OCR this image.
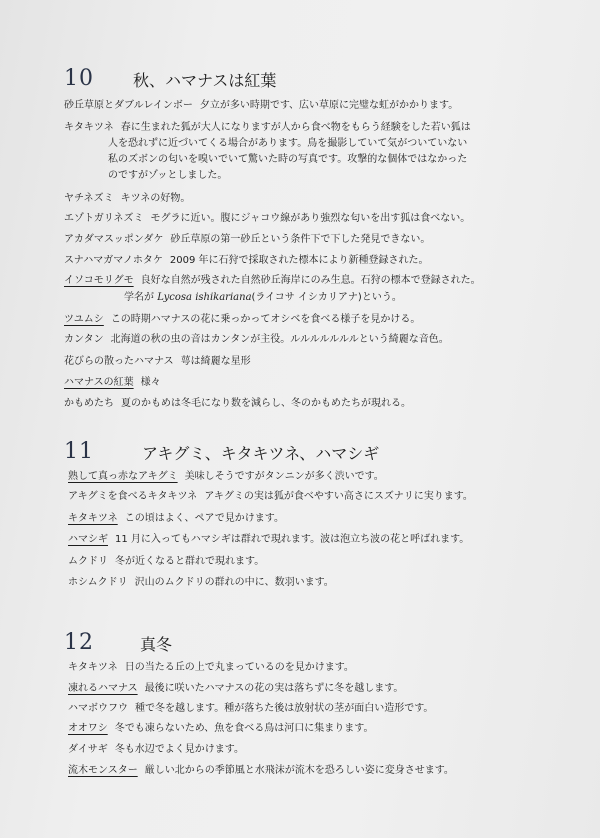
10 秋、ハマナスは紅葉
砂丘草原とダブルレインボー 夕立が多い時期です、広い草原に完璧な虹がかかります。
キタキツネ 春に生まれた狐が大人になりますが人から食べ物をもらう経験をした若い狐は
人を恐れずに近づいてくる場合があります。鳥を撮影していて気がついていない
私のズボンの匂いを嗅いでいて驚いた時の写真です。攻撃的な個体ではなかった
のですがゾッとしました。
ヤチネズミ キツネの好物。
エゾトガリネズミ モグラに近い。腹にジャコウ線があり強烈な匂いを出す狐は食べない。
アカダマスッポンダケ 砂丘草原の第一砂丘という条件下で下した発見できない。
スナハマガマノホタケ 2009 年に石狩で採取された標本により新種登録された。
イソコモリグモ 良好な自然が残された自然砂丘海岸にのみ生息。石狩の標本で登録された。
学名が Lycosa ishikariana(ライコサ イシカリアナ)という。
ツユムシ この時期ハマナスの花に乗っかってオシベを食べる様子を見かける。
カンタン 北海道の秋の虫の音はカンタンが主役。ルルルルルルルという綺麗な音色。
花びらの散ったハマナス 萼は綺麗な星形
ハマナスの紅葉 様々
かもめたち 夏のかもめは冬毛になり数を減らし、冬のかもめたちが現れる。
11	アキグミ、キタキツネ、ハマシギ
熟して真っ赤なアキグミ 美味しそうですがタンニンが多く渋いです。
アキグミを食べるキタキツネ アキグミの実は狐が食べやすい高さにスズナリに実ります。
キタキツネ この頃はよく、ペアで見かけます。
ハマシギ 11 月に入ってもハマシギは群れで現れます。波は泡立ち波の花と呼ばれます。
ムクドリ 冬が近くなると群れで現れます。
ホシムクドリ 沢山のムクドリの群れの中に、数羽います。
12	真冬
キタキツネ 日の当たる丘の上で丸まっているのを見かけます。
凍れるハマナス 最後に咲いたハマナスの花の実は落ちずに冬を越します。
ハマボウフウ 種で冬を越します。種が落ちた後は放射状の茎が面白い造形です。
オオワシ 冬でも凍らないため、魚を食べる鳥は河口に集まります。
ダイサギ 冬も水辺でよく見かけます。
流木モンスター 厳しい北からの季節風と水飛沫が流木を恐ろしい姿に変身させます。
